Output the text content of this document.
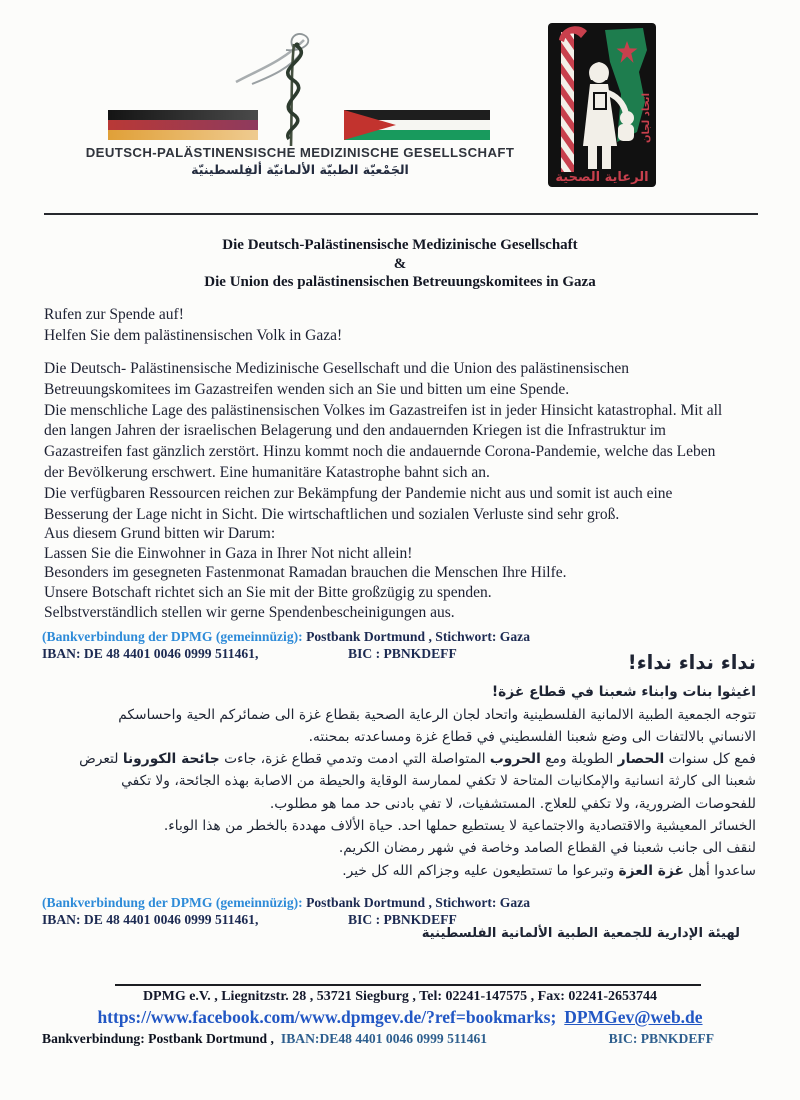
DEUTSCH-PALÄSTINENSISCHE MEDIZINISCHE GESELLSCHAFT
الجَمْعيّة الطبيّة الألمانيّة ألفِلسطينيّة
اتحاد لجان
الرعاية الصحية
Die Deutsch-Palästinensische Medizinische Gesellschaft
&
Die Union des palästinensischen Betreuungskomitees in Gaza
Rufen zur Spende auf!
Helfen Sie dem palästinensischen Volk in Gaza!
Die Deutsch- Palästinensische Medizinische Gesellschaft und die Union des palästinensischen
Betreuungskomitees im Gazastreifen wenden sich an Sie und bitten um eine Spende.
Die menschliche Lage des palästinensischen Volkes im Gazastreifen ist in jeder Hinsicht katastrophal. Mit all
den langen Jahren der israelischen Belagerung und den andauernden Kriegen ist die Infrastruktur im
Gazastreifen fast gänzlich zerstört. Hinzu kommt noch die andauernde Corona-Pandemie, welche das Leben
der Bevölkerung erschwert. Eine humanitäre Katastrophe bahnt sich an.
Die verfügbaren Ressourcen reichen zur Bekämpfung der Pandemie nicht aus und somit ist auch eine
Besserung der Lage nicht in Sicht. Die wirtschaftlichen und sozialen Verluste sind sehr groß.
Aus diesem Grund bitten wir Darum:
Lassen Sie die Einwohner in Gaza in Ihrer Not nicht allein!
Besonders im gesegneten Fastenmonat Ramadan brauchen die Menschen Ihre Hilfe.
Unsere Botschaft richtet sich an Sie mit der Bitte großzügig zu spenden.
Selbstverständlich stellen wir gerne Spendenbescheinigungen aus.
(Bankverbindung der DPMG (gemeinnüzig): Postbank Dortmund , Stichwort: Gaza
IBAN: DE 48 4401 0046 0999 511461,	BIC : PBNKDEFF	نداء نداء نداء!
اغيثوا بنات وابناء شعبنا في قطاع غزة!
تتوجه الجمعية الطبية الالمانية الفلسطينية واتحاد لجان الرعاية الصحية بقطاع غزة الى ضمائركم الحية واحساسكم
الانساني بالالتفات الى وضع شعبنا الفلسطيني في قطاع غزة ومساعدته بمحنته.
فمع كل سنوات الحصار الطويلة ومع الحروب المتواصلة التي ادمت وتدمي قطاع غزة، جاءت جائحة الكورونا لتعرض
شعبنا الى كارثة انسانية والإمكانيات المتاحة لا تكفي لممارسة الوقاية والحيطة من الاصابة بهذه الجائحة، ولا تكفي
للفحوصات الضرورية، ولا تكفي للعلاج. المستشفيات، لا تفي بادنى حد مما هو مطلوب.
الخسائر المعيشية والاقتصادية والاجتماعية لا يستطيع حملها احد. حياة الألاف مهددة بالخطر من هذا الوباء.
لنقف الى جانب شعبنا في القطاع الصامد وخاصة في شهر رمضان الكريم.
ساعدوا أهل غزة العزة وتبرعوا ما تستطيعون عليه وجزاكم الله كل خير.
(Bankverbindung der DPMG (gemeinnüzig): Postbank Dortmund , Stichwort: Gaza
IBAN: DE 48 4401 0046 0999 511461,	BIC : PBNKDEFF
لهيئة الإدارية للجمعية الطبية الألمانية الفلسطينية
DPMG e.V. , Liegnitzstr. 28 , 53721 Siegburg , Tel: 02241-147575 , Fax: 02241-2653744
https://www.facebook.com/www.dpmgev.de/?ref=bookmarks; DPMGev@web.de
Bankverbindung: Postbank Dortmund , IBAN:DE48 4401 0046 0999 511461	BIC: PBNKDEFF
